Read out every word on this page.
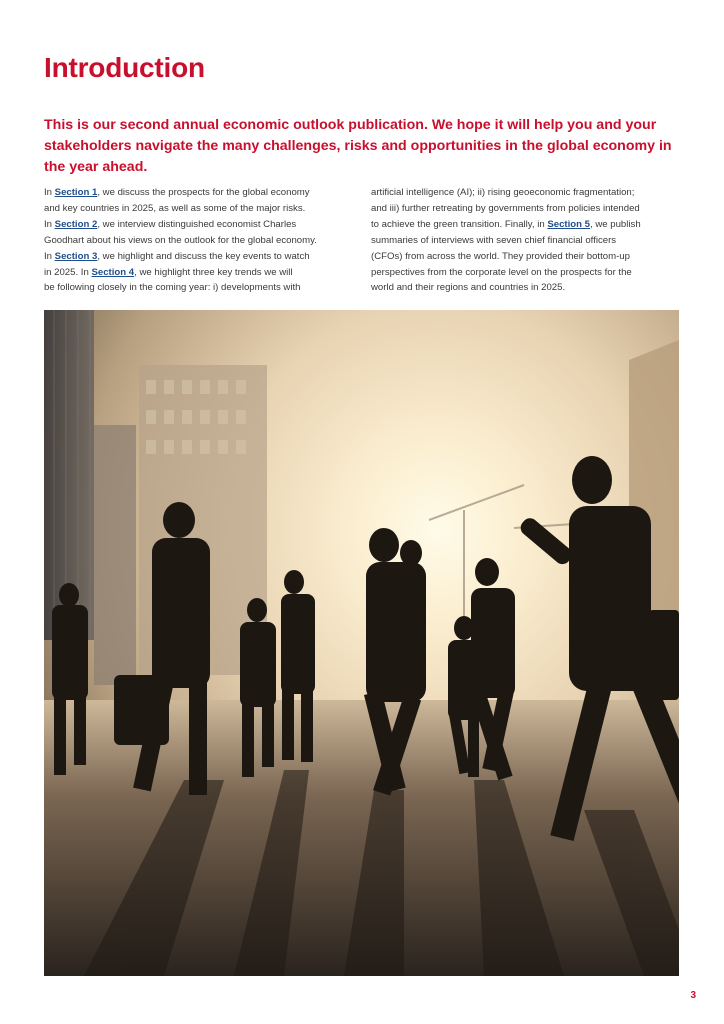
Introduction

This is our second annual economic outlook publication. We hope it will help you and your stakeholders navigate the many challenges, risks and opportunities in the global economy in the year ahead.

In Section 1, we discuss the prospects for the global economy
and key countries in 2025, as well as some of the major risks.
In Section 2, we interview distinguished economist Charles
Goodhart about his views on the outlook for the global economy.
In Section 3, we highlight and discuss the key events to watch
in 2025. In Section 4, we highlight three key trends we will
be following closely in the coming year: i) developments with
artificial intelligence (AI); ii) rising geoeconomic fragmentation;
and iii) further retreating by governments from policies intended
to achieve the green transition. Finally, in Section 5, we publish
summaries of interviews with seven chief financial officers
(CFOs) from across the world. They provided their bottom-up
perspectives from the corporate level on the prospects for the
world and their regions and countries in 2025.
3
